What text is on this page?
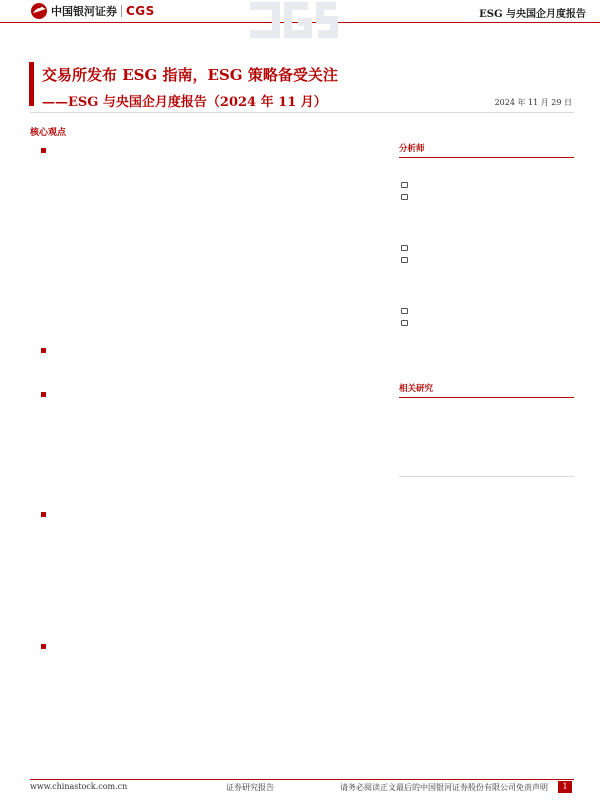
中国银河证券 CGS	ESG 与央国企月度报告
交易所发布 ESG 指南，ESG 策略备受关注
——ESG 与央国企月度报告（2024 年 11 月）	2024 年 11 月 29 日
核心观点
分析师
相关研究
www.chinastock.com.cn	证券研究报告	请务必阅读正文最后的中国银河证券股份有限公司免责声明	1
